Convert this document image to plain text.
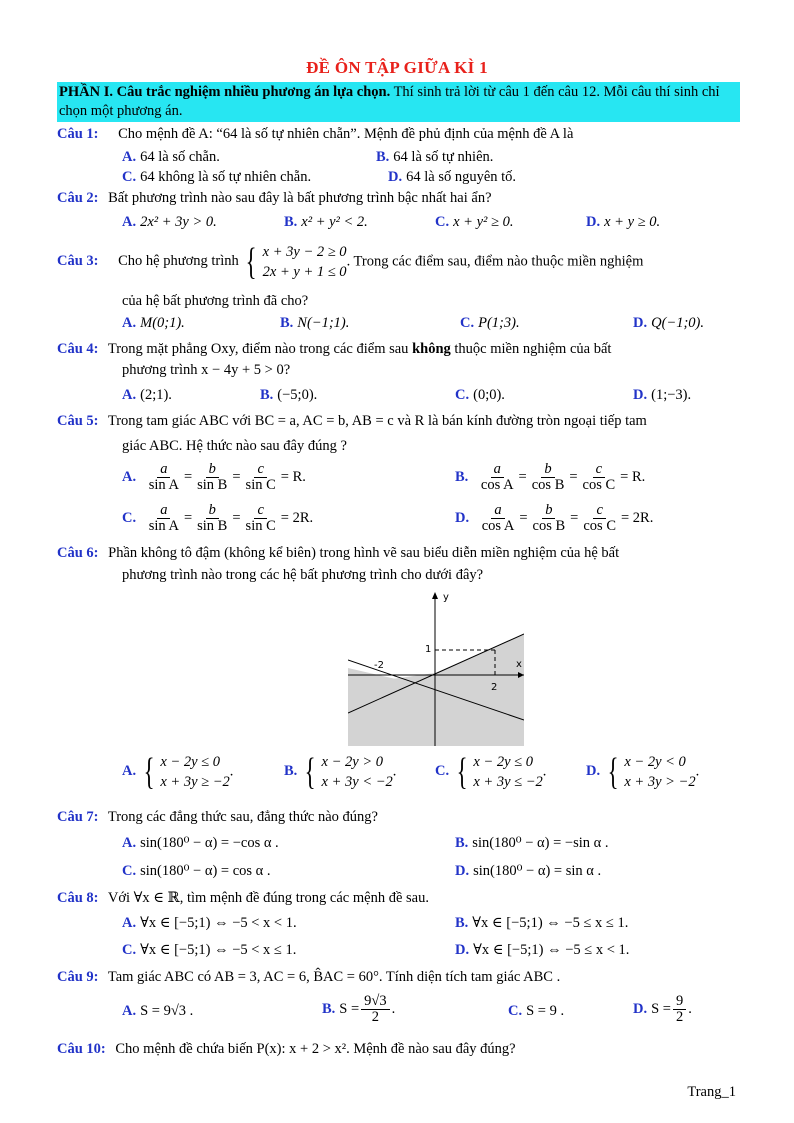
ĐỀ ÔN TẬP GIỮA KÌ 1
PHẦN I. Câu trắc nghiệm nhiều phương án lựa chọn. Thí sinh trả lời từ câu 1 đến câu 12. Mỗi câu thí sinh chỉ chọn một phương án.
Câu 1: Cho mệnh đề A: “64 là số tự nhiên chẵn”. Mệnh đề phủ định của mệnh đề A là
A. 64 là số chẵn.	B. 64 là số tự nhiên.
C. 64 không là số tự nhiên chẵn.	D. 64 là số nguyên tố.
Câu 2: Bất phương trình nào sau đây là bất phương trình bậc nhất hai ẩn?
A. 2x² + 3y > 0.	B. x² + y² < 2.	C. x + y² ≥ 0.	D. x + y ≥ 0.
Câu 3: Cho hệ phương trình { x + 3y − 2 ≥ 0
2x + y + 1 ≤ 0
. Trong các điểm sau, điểm nào thuộc miền nghiệm
của hệ bất phương trình đã cho?
A. M(0;1).	B. N(−1;1).	C. P(1;3).	D. Q(−1;0).
Câu 4: Trong mặt phẳng Oxy, điểm nào trong các điểm sau không thuộc miền nghiệm của bất
phương trình x − 4y + 5 > 0?
A. (2;1).	B. (−5;0).	C. (0;0).	D. (1;−3).
Câu 5: Trong tam giác ABC với BC = a, AC = b, AB = c và R là bán kính đường tròn ngoại tiếp tam
giác ABC. Hệ thức nào sau đây đúng ?
A. $\frac{a}{\text{sin A}} = \frac{b}{\text{sin B}} = \frac{c}{\text{sin C}} = R$.	B. $\frac{a}{\text{cos A}} = \frac{b}{\text{cos B}} = \frac{c}{\text{cos C}} = R$.
C. $\frac{a}{\text{sin A}} = \frac{b}{\text{sin B}} = \frac{c}{\text{sin C}} = 2R$.	D. $\frac{a}{\text{cos A}} = \frac{b}{\text{cos B}} = \frac{c}{\text{cos C}} = 2R$.
Câu 6: Phần không tô đậm (không kể biên) trong hình vẽ sau biểu diễn miền nghiệm của hệ bất
phương trình nào trong các hệ bất phương trình cho dưới đây?
y
x
1
-2
2
A. { x − 2y ≤ 0
x + 3y ≥ −2
.	B. { x − 2y > 0
x + 3y < −2
.	C. { x − 2y ≤ 0
x + 3y ≤ −2
.	D. { x − 2y < 0
x + 3y > −2
.
Câu 7: Trong các đẳng thức sau, đẳng thức nào đúng?
A. sin(180⁰ − α) = −cos α .	B. sin(180⁰ − α) = −sin α .
C. sin(180⁰ − α) = cos α .	D. sin(180⁰ − α) = sin α .
Câu 8: Với ∀x ∈ ℝ, tìm mệnh đề đúng trong các mệnh đề sau.
A. ∀x ∈ [−5;1) ⇔ −5 < x < 1.	B. ∀x ∈ [−5;1) ⇔ −5 ≤ x ≤ 1.
C. ∀x ∈ [−5;1) ⇔ −5 < x ≤ 1.	D. ∀x ∈ [−5;1) ⇔ −5 ≤ x < 1.
Câu 9: Tam giác ABC có AB = 3, AC = 6, B̂AC = 60°. Tính diện tích tam giác ABC .
A. S = 9√3 .	B. $S = \frac{9√3}{2}$ .	C. S = 9 .	D. $S = \frac{9}{2}$ .
Câu 10: Cho mệnh đề chứa biến P(x): x + 2 > x². Mệnh đề nào sau đây đúng?
Trang_1
